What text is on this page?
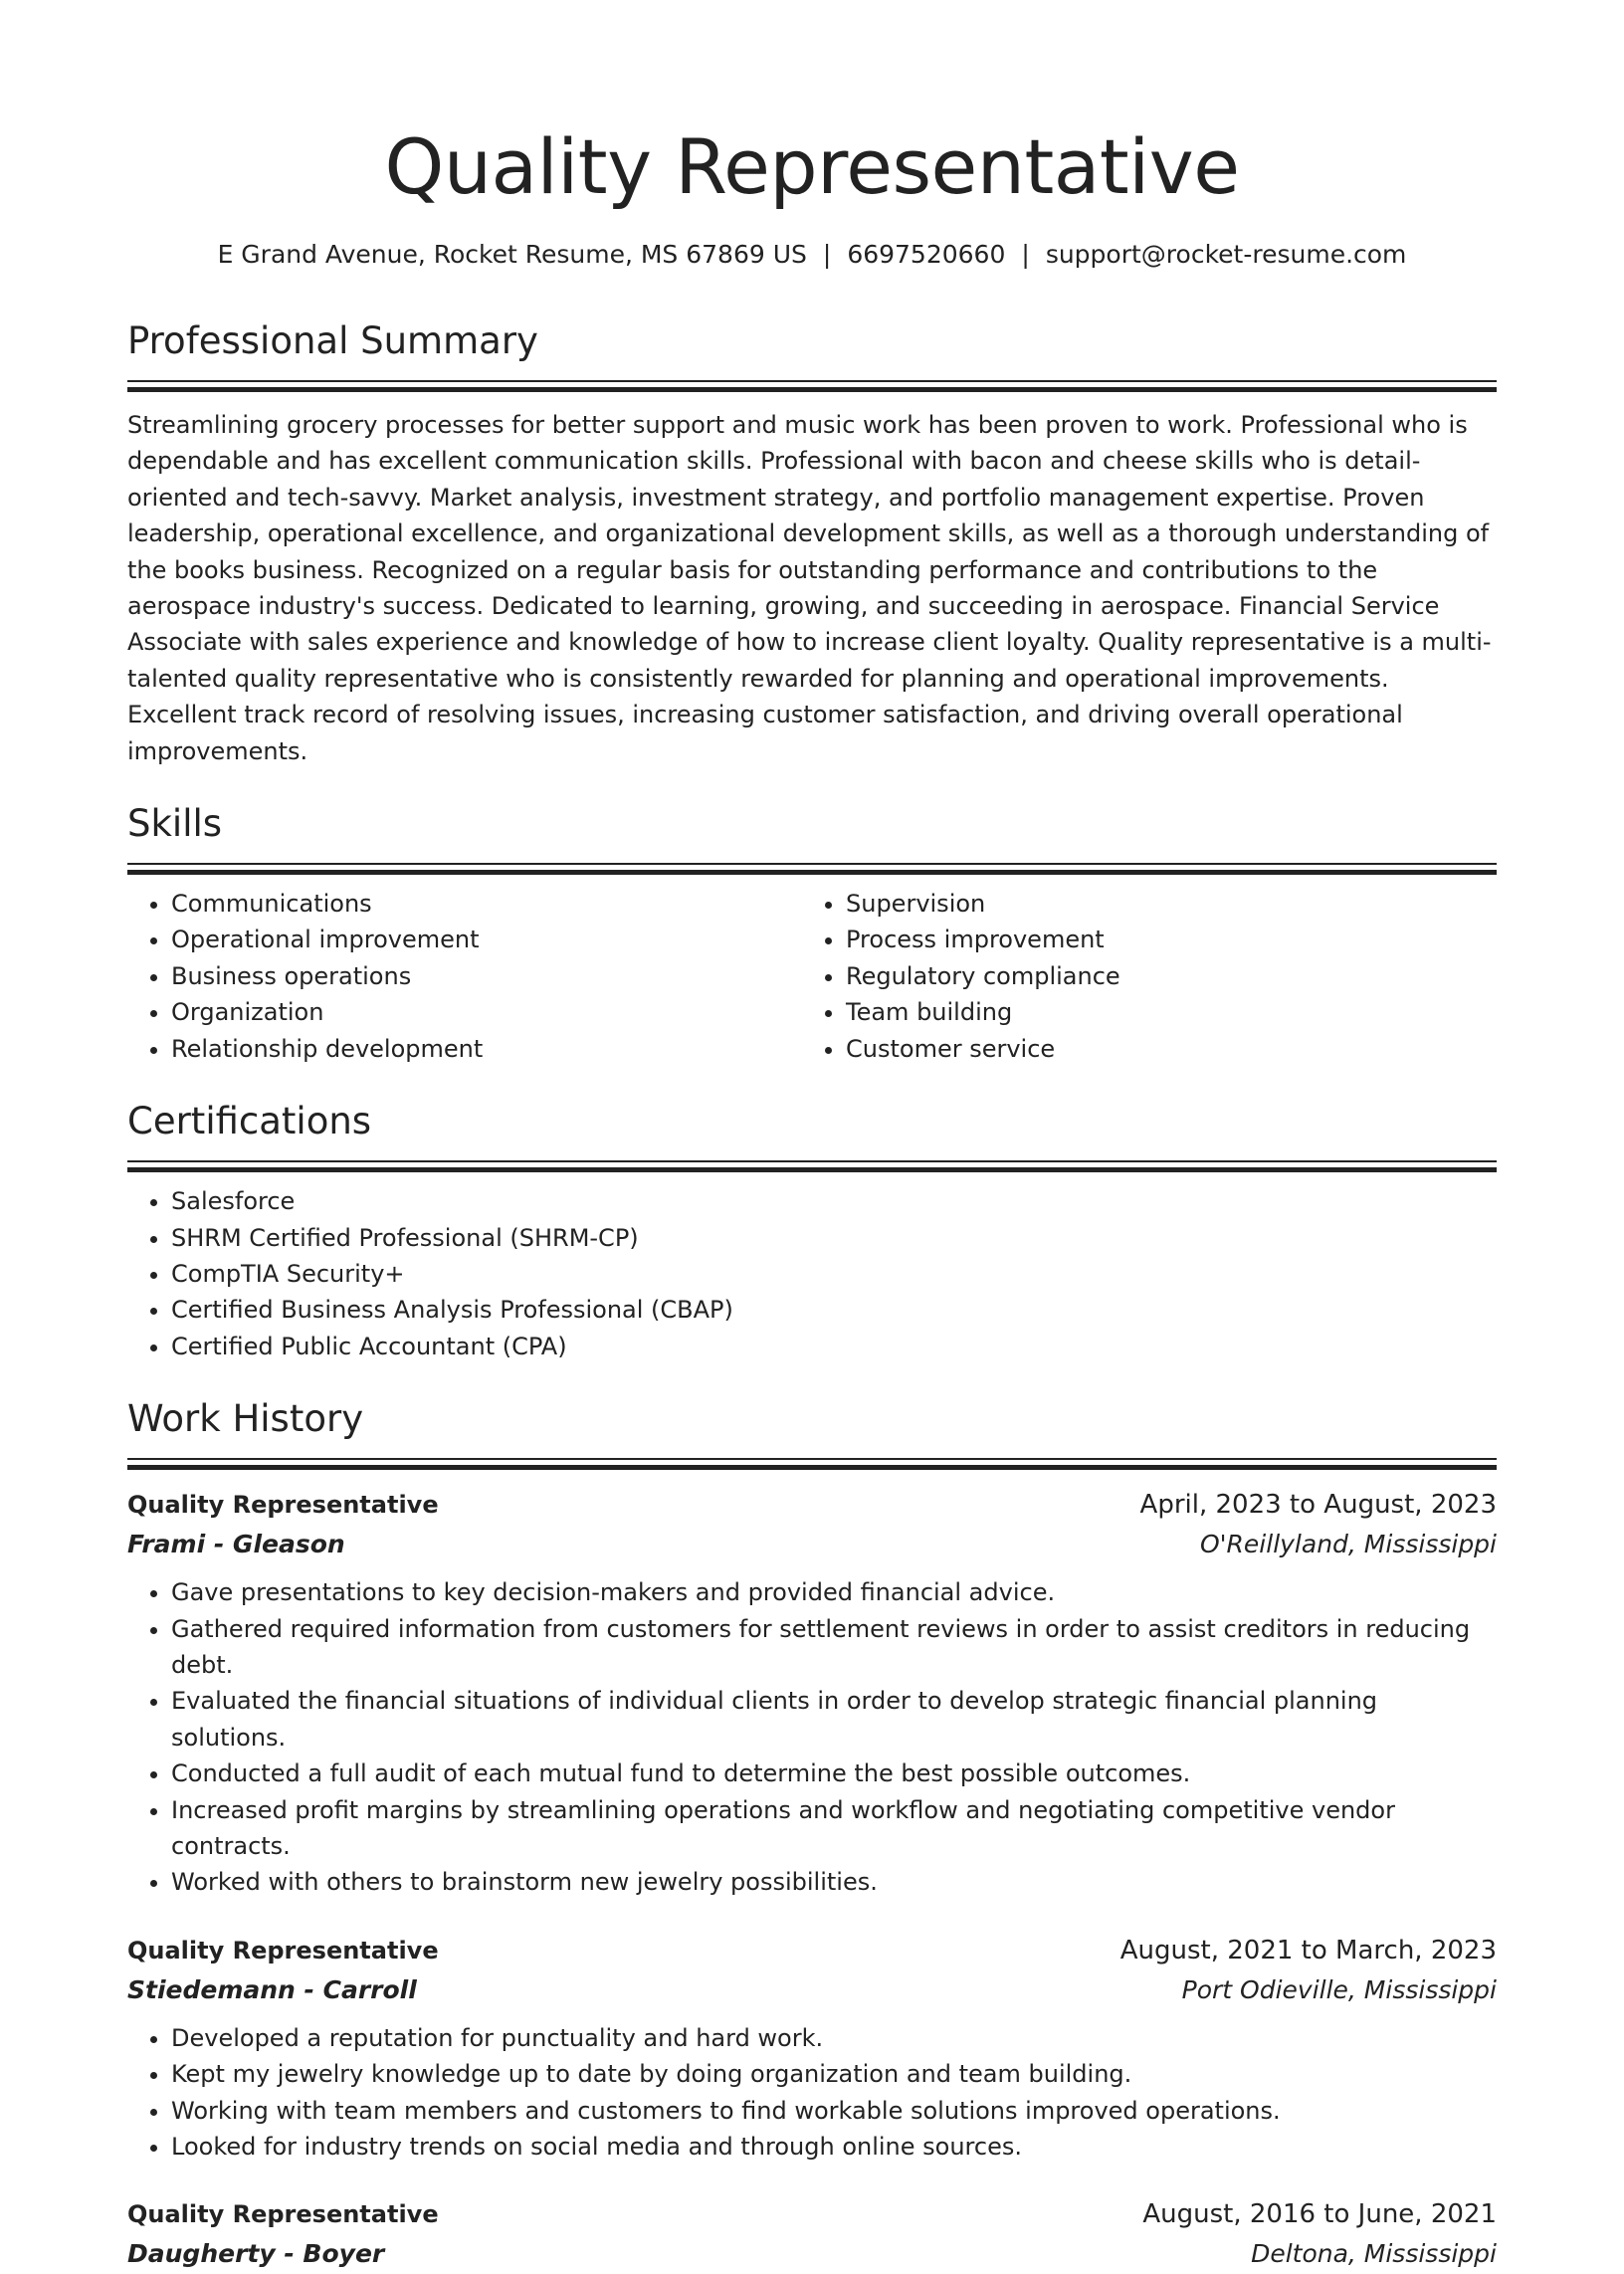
Quality Representative
E Grand Avenue, Rocket Resume, MS 67869 US | 6697520660 | support@rocket-resume.com
Professional Summary

Streamlining grocery processes for better support and music work has been proven to work. Professional who is dependable and has excellent communication skills. Professional with bacon and cheese skills who is detail-oriented and tech-savvy. Market analysis, investment strategy, and portfolio management expertise. Proven leadership, operational excellence, and organizational development skills, as well as a thorough understanding of the books business. Recognized on a regular basis for outstanding performance and contributions to the aerospace industry's success. Dedicated to learning, growing, and succeeding in aerospace. Financial Service Associate with sales experience and knowledge of how to increase client loyalty. Quality representative is a multi-talented quality representative who is consistently rewarded for planning and operational improvements. Excellent track record of resolving issues, increasing customer satisfaction, and driving overall operational improvements.

Skills
• Communications
• Operational improvement
• Business operations
• Organization
• Relationship development
• Supervision
• Process improvement
• Regulatory compliance
• Team building
• Customer service
Certifications
• Salesforce
• SHRM Certified Professional (SHRM-CP)
• CompTIA Security+
• Certified Business Analysis Professional (CBAP)
• Certified Public Accountant (CPA)
Work History
Quality Representative	April, 2023 to August, 2023
Frami - Gleason	O'Reillyland, Mississippi
• Gave presentations to key decision-makers and provided financial advice.
• Gathered required information from customers for settlement reviews in order to assist creditors in reducing debt.
• Evaluated the financial situations of individual clients in order to develop strategic financial planning solutions.
• Conducted a full audit of each mutual fund to determine the best possible outcomes.
• Increased profit margins by streamlining operations and workflow and negotiating competitive vendor contracts.
• Worked with others to brainstorm new jewelry possibilities.
Quality Representative	August, 2021 to March, 2023
Stiedemann - Carroll	Port Odieville, Mississippi
• Developed a reputation for punctuality and hard work.
• Kept my jewelry knowledge up to date by doing organization and team building.
• Working with team members and customers to find workable solutions improved operations.
• Looked for industry trends on social media and through online sources.
Quality Representative	August, 2016 to June, 2021
Daugherty - Boyer	Deltona, Mississippi
